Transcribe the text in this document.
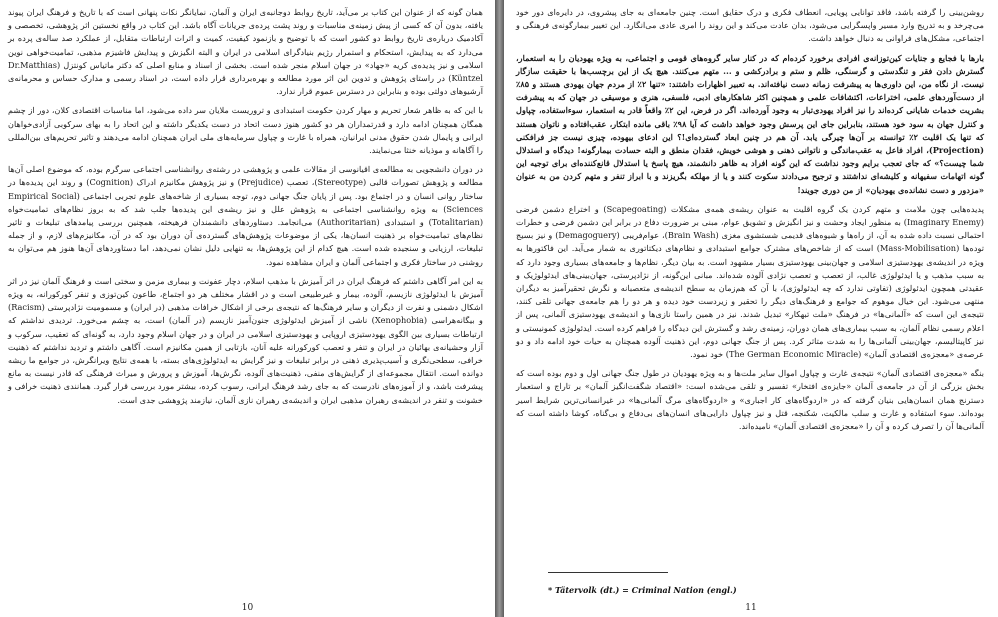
همان گونه که از عنوان این کتاب بر می‌آید، تاریخ روابط دوجانبه‌ی ایران و آلمان، نمایانگر نکات پنهانی است که با تاریخ و فرهنگ ایران پیوند یافته، بدون آن که کسی از پیش زمینه‌ی مناسبات و روند پشت پرده‌ی جریانات آگاه باشد. این کتاب در واقع نخستین اثر پژوهشی، تخصصی و آکادمیک درباره‌ی تاریخ روابط دو کشور است که با توضیح و بازنمود کیفیت، کمیت و اثرات ارتباطات متقابل، از عملکرد صد ساله‌ی پرده بر می‌دارد که به پیدایش، استحکام و استمرار رژیم بنیادگرای اسلامی در ایران و البته انگیزش و پیدایش فاشیزم مذهبی، تمامیت‌خواهی نوین اسلامی و نیز پدیده‌ی کریه «جهاد» در جهان اسلام منجر شده است. بخشی از اسناد و منابع اصلی که دکتر ماتیاس کونتزل (Dr.Matthias Küntzel) در راستای پژوهش و تدوین این اثر مورد مطالعه و بهره‌برداری قرار داده است، در اسناد رسمی و مدارک حساس و محرمانه‌ی آرشیوهای دولتی بوده و بنابراین در دسترس عموم قرار ندارد.

با این که به ظاهر شعار تحریم و مهار کردن حکومت استبدادی و تروریست ملایان سر داده می‌شود، اما مناسبات اقتصادی کلان، دور از چشم همگان همچنان ادامه دارد و قدرتمداران هر دو کشور هنوز دست اتحاد در دست یکدیگر داشته و این اتحاد را به بهای سرکوبی آزادی‌خواهان ایرانی و پایمال شدن حقوق مدنی ایرانیان، همراه با غارت و چپاول سرمایه‌های ملی ایران همچنان ادامه می‌دهند و تاثیر تحریم‌های بین‌المللی را آگاهانه و موذیانه خنثا می‌نمایند.

در دوران دانشجویی به مطالعه‌ی اقیانوسی از مقالات علمی و پژوهشی در رشته‌ی روانشناسی اجتماعی سرگرم بوده، که موضوع اصلی آن‌ها مطالعه و پژوهش تصورات قالبی (Stereotype)، تعصب (Prejudice) و نیز پژوهش مکانیزم ادراک (Cognition) و روند این پدیده‌ها در ساختار روانی انسان و در اجتماع بود. پس از پایان جنگ جهانی دوم، توجه بسیاری از شاخه‌های علوم تجربی اجتماعی (Empirical Social Sciences) به ویژه روانشناسی اجتماعی به پژوهش علل و نیز ریشه‌ی این پدیده‌ها جلب شد که به بروز نظام‌های تمامیت‌خواه (Totalitarian) و استبدادی (Authoritarian) می‌انجامد. دستاوردهای دانشمندان فرهیخته، همچنین بررسی پیامدهای تبلیغات و تاثیر نظام‌های تمامیت‌خواه بر ذهنیت انسان‌ها، یکی از موضوعات پژوهش‌های گسترده‌ی آن دوران بود که در آن، مکانیزم‌های لازم، و از جمله تبلیغات، ارزیابی و سنجیده شده است. هیچ کدام از این پژوهش‌ها، به تنهایی دلیل نشان نمی‌دهد، اما دستاوردهای آن‌ها هنوز هم می‌توان به روشنی در ساختار فکری و اجتماعی آلمان و ایران مشاهده نمود.

به این امر آگاهی داشتم که فرهنگ ایران در اثر آمیزش با مذهب اسلام، دچار عفونت و بیماری مزمن و سختی است و فرهنگ آلمان نیز در اثر آمیزش با ایدئولوژی نازیسم، آلوده، بیمار و غیرطبیعی است و در اقشار مختلف هر دو اجتماع، طاعون کین‌توزی و تنفر کورکورانه، به ویژه اشکال دشمنی و نفرت از دیگران و سایر فرهنگ‌ها که نتیجه‌ی برخی از اشکال خرافات مذهبی (در ایران) و مسمومیت نژادپرستی (Racism) و بیگانه‌هراسی (Xenophobia) ناشی از آمیزش ایدئولوژی جنون‌آمیز نازیسم (در آلمان) است، به چشم می‌خورد. تردیدی نداشتم که ارتباطات بسیاری بین الگوی یهودستیزی اروپایی و یهودستیزی اسلامی در ایران و در جهان اسلام وجود دارد، به گونه‌ای که تعقیب، سرکوب و آزار وحشیانه‌ی بهائیان در ایران و تنفر و تعصب کورکورانه علیه آنان، بازتابی از همین مکانیزم است. آگاهی داشتم و تردید نداشتم که ذهنیت خرافی، سطحی‌نگری و آسیب‌پذیری ذهنی در برابر تبلیغات و نیز گرایش به ایدئولوژی‌های بسته، با همه‌ی نتایج ویرانگرش، در جوامع ما ریشه دوانده است. انتقال مجموعه‌ای از گرایش‌های منفی، ذهنیت‌های آلوده، نگرش‌ها، آموزش و پرورش و میراث فرهنگی که قادر نیست به مانع پیشرفت باشد، و از آموزه‌های نادرست که به جای رشد فرهنگ ایرانی، رسوب کرده، بیشتر مورد بررسی قرار گیرد. همانندی ذهنیت خرافی و خشونت و تنفر در اندیشه‌ی رهبران مذهبی ایران و اندیشه‌ی رهبران نازی آلمان، نیازمند پژوهشی جدی است.

10

روشن‌بینی را گرفته باشد، فاقد توانایی پویایی، انعطاف فکری و درک حقایق است. چنین جامعه‌ای به جای پیشروی، در دایره‌ای دور خود می‌چرخد و به تدریج وارد مسیر واپسگرایی می‌شود، بدان عادت می‌کند و این روند را امری عادی می‌انگارد. این تغییر بیمارگونه‌ی فرهنگی و اجتماعی، مشکل‌های فراوانی به دنبال خواهد داشت.

بارها با فجایع و جنایات کین‌توزانه‌ی افرادی برخورد کرده‌ام که در کنار سایر گروه‌های قومی و اجتماعی، به ویژه یهودیان را به استعمار، گسترش دادن فقر و تنگدستی و گرسنگی، ظلم و ستم و برادرکشی و ... متهم می‌کنند. هیچ یک از این برچسب‌ها با حقیقت سازگار نیست. از نگاه من، این داوری‌ها به پیشرفت زمانه دست نیافته‌اند. به تعبیر اظهارات داشتند: «تنها ۲٪ از مردم جهان یهودی هستند و ۸۵٪ از دست‌آوردهای علمی، اختراعات، اکتشافات علمی و همچنین اکثر شاهکارهای ادبی، فلسفی، هنری و موسیقی در جهان که به پیشرفت بشریت خدمات شایانی کرده‌اند را نیز افراد یهودی‌تبار به وجود آورده‌اند. اگر در فرض، این ۲٪ واقعاً قادر به استعمار، سوءاستفاده، چپاول و کنترل جهان به سود خود هستند، بنابراین جای این پرسش وجود خواهد داشت که آیا ۹۸٪ باقی مانده ابتکار، عقب‌افتاده و ناتوان هستند که تنها یک اقلیت ۲٪ توانسته بر آن‌ها چیرگی یابد. آن هم در چنین ابعاد گسترده‌ای!؟ این ادعای بیهوده، چیزی نیست جز فرافکنی (Projection)، افراد فاعل به عقب‌ماندگی و ناتوانی ذهنی و هوشی خویش، فقدان منطق و البته حسادت بیمارگونه! دیدگاه و استدلال شما چیست؟» که جای تعجب برایم وجود نداشت که این گونه افراد به ظاهر دانشمند، هیچ پاسخ یا استدلال قانع‌کننده‌ای برای توجیه این گونه اتهامات سفیهانه و کلیشه‌ای نداشتند و ترجیح می‌دادند سکوت کنند و یا از مهلکه بگریزند و با ابراز تنفر و متهم کردن من به عنوان «مزدور و دست نشانده‌ی یهودیان» از من دوری جویند!

پدیده‌هایی چون ملامت و متهم کردن یک گروه اقلیت به عنوان ریشه‌ی همه‌ی مشکلات (Scapegoating) و اختراع دشمن فرضی (Imaginary Enemy) به منظور ایجاد وحشت و نیز انگیزش و تشویق عوام، مبنی بر ضرورت دفاع در برابر این دشمن فرضی و خطرات احتمالی نسبت داده شده به آن، از راه‌ها و شیوه‌های قدیمی شستشوی مغزی (Brain Wash)، عوام‌فریبی (Demagoguery) و نیز بسیج توده‌ها (Mass-Mobilisation) است که از شاخص‌های مشترک جوامع استبدادی و نظام‌های دیکتاتوری به شمار می‌آید. این فاکتورها به ویژه در اندیشه‌ی یهودستیزی اسلامی و جهان‌بینی یهودستیزی بسیار مشهود است. به بیان دیگر، نظام‌ها و جامعه‌های بسیاری وجود دارد که به سبب مذهب و یا ایدئولوژی غالب، از تعصب و تعصب نژادی آلوده شده‌اند. مبانی این‌گونه، از نژادپرستی، جهان‌بینی‌های ایدئولوژیک و عقیدتی همچون ایدئولوژی (تفاوتی ندارد که چه ایدئولوژی)، با آن که هم‌زمان به سطح اندیشه‌ی متعصبانه و نگرش تحقیرآمیز به دیگران منتهی می‌شود. این خیال موهوم که جوامع و فرهنگ‌های دیگر را تحقیر و زیردست خود دیده و هر دو را هم جامعه‌ی جهانی تلقی کنند، نتیجه‌ی این است که «آلمانی‌ها» در فرهنگ «ملت تبهکار» تبدیل شدند. نیز در همین راستا نازی‌ها و اندیشه‌ی یهودستیزی آلمانی، پس از اعلام رسمی نظام آلمان، به سبب بیماری‌های همان دوران، زمینه‌ی رشد و گسترش این دیدگاه را فراهم کرده است. ایدئولوژی کمونیستی و نیز کاپیتالیسم، جهان‌بینی آلمانی‌ها را به شدت متاثر کرد. پس از جنگ جهانی دوم، این ذهنیت آلوده همچنان به حیات خود ادامه داد و دو عرصه‌ی «معجزه‌ی اقتصادی آلمان» (The German Economic Miracle) خود نمود.

بنگه «معجزه‌ی اقتصادی آلمان» نتیجه‌ی غارت و چپاول اموال سایر ملت‌ها و به ویژه یهودیان در طول جنگ جهانی اول و دوم بوده است که بخش بزرگی از آن در جامعه‌ی آلمان «جایزه‌ی افتخار» تفسیر و تلقی می‌شده است: «اقتصاد شگفت‌انگیز آلمان» بر تاراج و استعمار دسترنج همان انسان‌هایی بنیان گرفته که در «اردوگاه‌های کار اجباری» و «اردوگاه‌های مرگ آلمانی‌ها» در غیرانسانی‌ترین شرایط اسیر بوده‌اند. سوء استفاده و غارت و سلب مالکیت، شکنجه، قتل و نیز چپاول دارایی‌های انسان‌های بی‌دفاع و بی‌گناه، کوشا داشته است که آلمانی‌ها آن را تصرف کرده و آن را «معجزه‌ی اقتصادی آلمان» نامیده‌اند.

* Tätervolk (dt.) = Criminal Nation (engl.)
11
